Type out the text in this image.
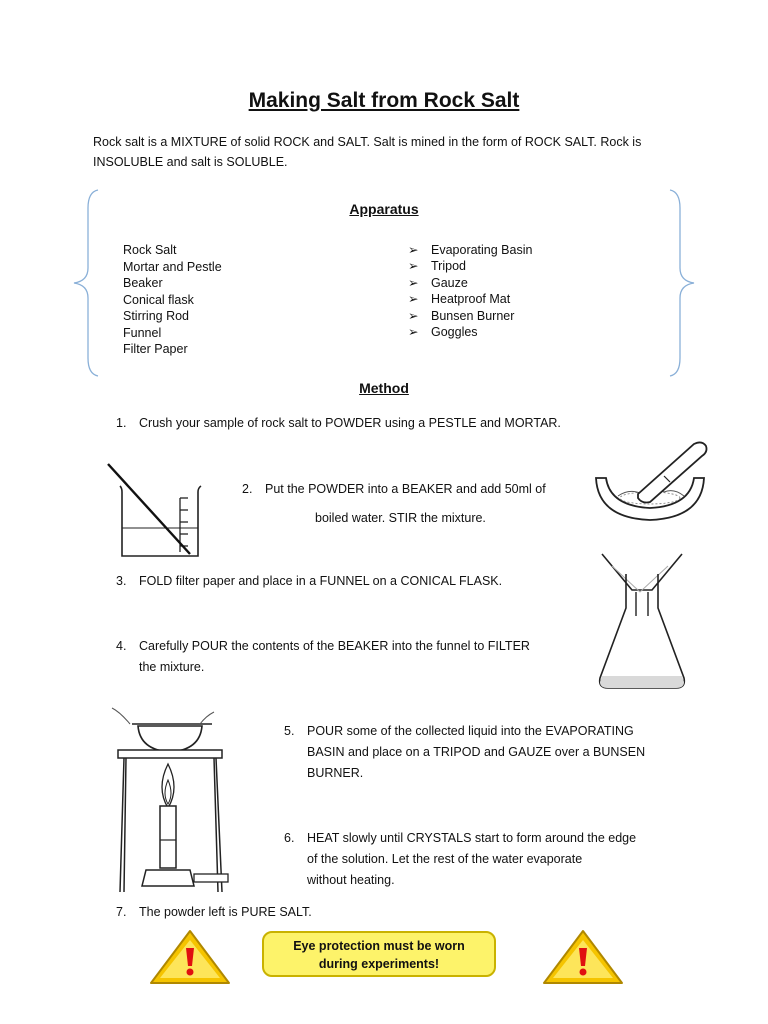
Making Salt from Rock Salt
Rock salt is a MIXTURE of solid ROCK and SALT. Salt is mined in the form of ROCK SALT. Rock is INSOLUBLE and salt is SOLUBLE.
Apparatus
Rock Salt
Mortar and Pestle
Beaker
Conical flask
Stirring Rod
Funnel
Filter Paper
➢	Evaporating Basin
➢	Tripod
➢	Gauze
➢	Heatproof Mat
➢	Bunsen Burner
➢	Goggles
Method
1. Crush your sample of rock salt to POWDER using a PESTLE and MORTAR.
2. Put the POWDER into a BEAKER and add 50ml of
boiled water. STIR the mixture.
3. FOLD filter paper and place in a FUNNEL on a CONICAL FLASK.
4. Carefully POUR the contents of the BEAKER into the funnel to FILTER
the mixture.
5. POUR some of the collected liquid into the EVAPORATING
BASIN and place on a TRIPOD and GAUZE over a BUNSEN
BURNER.
6. HEAT slowly until CRYSTALS start to form around the edge
of the solution. Let the rest of the water evaporate
without heating.
7. The powder left is PURE SALT.
Eye protection must be worn
during experiments!
